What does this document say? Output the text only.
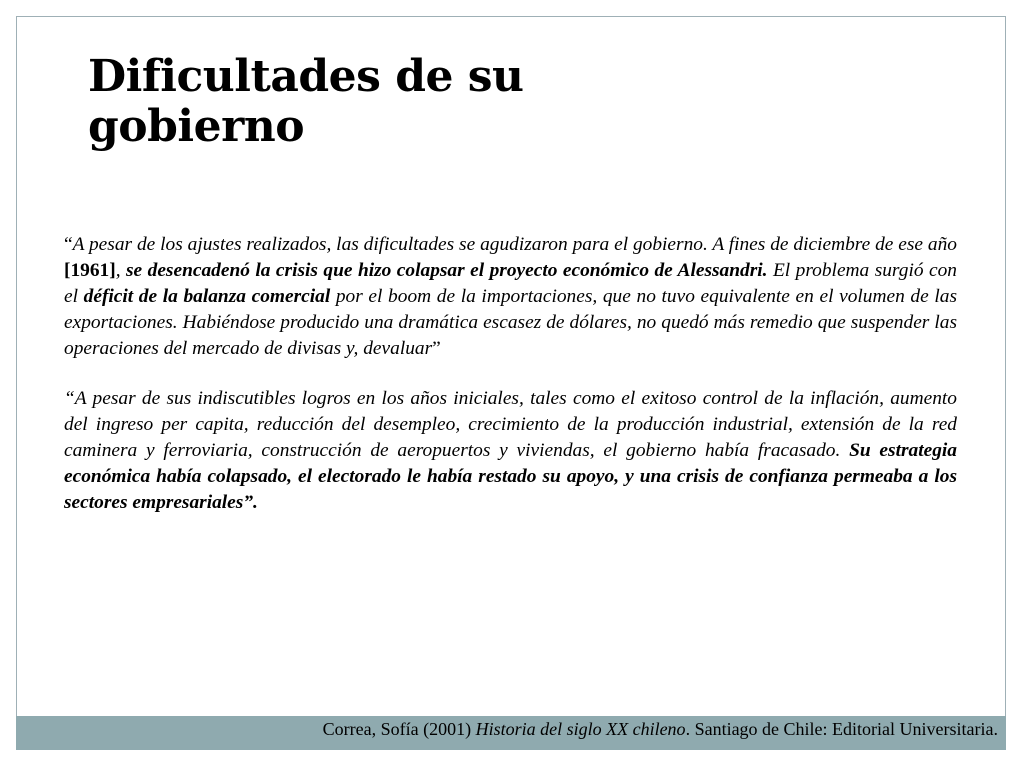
Dificultades de su gobierno

“A pesar de los ajustes realizados, las dificultades se agudizaron para el gobierno. A fines de diciembre de ese año [1961], se desencadenó la crisis que hizo colapsar el proyecto económico de Alessandri. El problema surgió con el déficit de la balanza comercial por el boom de la importaciones, que no tuvo equivalente en el volumen de las exportaciones. Habiéndose producido una dramática escasez de dólares, no quedó más remedio que suspender las operaciones del mercado de divisas y, devaluar”

“A pesar de sus indiscutibles logros en los años iniciales, tales como el exitoso control de la inflación, aumento del ingreso per capita, reducción del desempleo, crecimiento de la producción industrial, extensión de la red caminera y ferroviaria, construcción de aeropuertos y viviendas, el gobierno había fracasado. Su estrategia económica había colapsado, el electorado le había restado su apoyo, y una crisis de confianza permeaba a los sectores empresariales”.

Correa, Sofía (2001) Historia del siglo XX chileno. Santiago de Chile: Editorial Universitaria.
